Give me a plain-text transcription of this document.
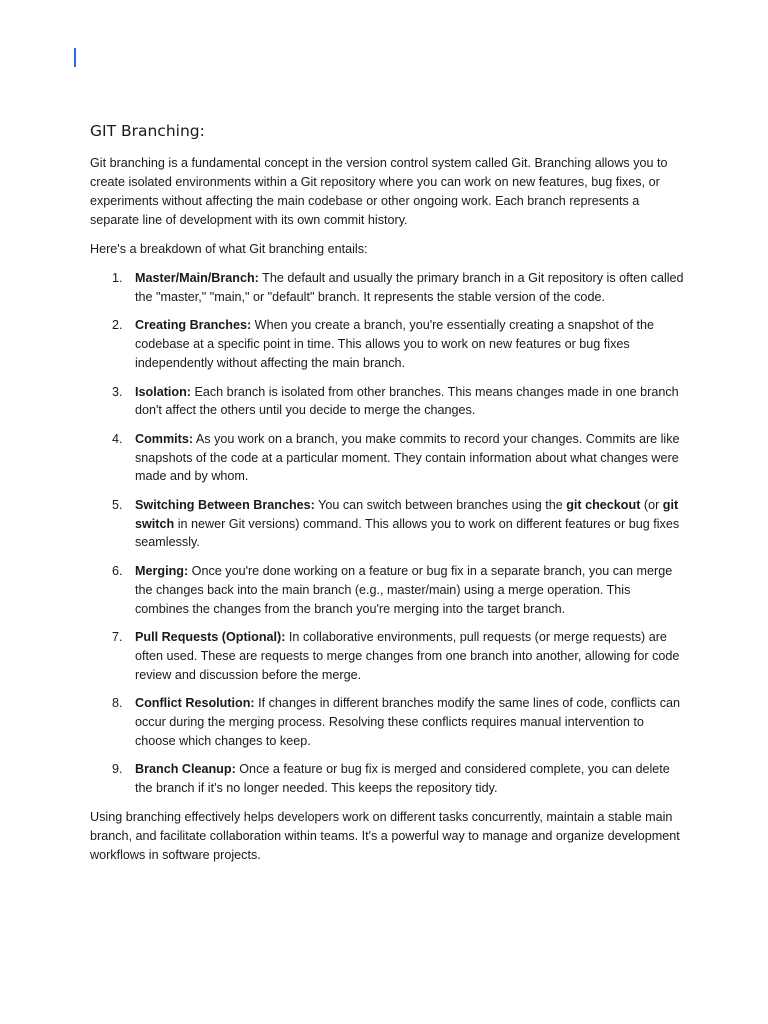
GIT Branching:

Git branching is a fundamental concept in the version control system called Git. Branching allows you to create isolated environments within a Git repository where you can work on new features, bug fixes, or experiments without affecting the main codebase or other ongoing work. Each branch represents a separate line of development with its own commit history.

Here's a breakdown of what Git branching entails:

1. Master/Main/Branch: The default and usually the primary branch in a Git repository is often called the "master," "main," or "default" branch. It represents the stable version of the code.
2. Creating Branches: When you create a branch, you're essentially creating a snapshot of the codebase at a specific point in time. This allows you to work on new features or bug fixes independently without affecting the main branch.
3. Isolation: Each branch is isolated from other branches. This means changes made in one branch don't affect the others until you decide to merge the changes.
4. Commits: As you work on a branch, you make commits to record your changes. Commits are like snapshots of the code at a particular moment. They contain information about what changes were made and by whom.
5. Switching Between Branches: You can switch between branches using the git checkout (or git switch in newer Git versions) command. This allows you to work on different features or bug fixes seamlessly.
6. Merging: Once you're done working on a feature or bug fix in a separate branch, you can merge the changes back into the main branch (e.g., master/main) using a merge operation. This combines the changes from the branch you're merging into the target branch.
7. Pull Requests (Optional): In collaborative environments, pull requests (or merge requests) are often used. These are requests to merge changes from one branch into another, allowing for code review and discussion before the merge.
8. Conflict Resolution: If changes in different branches modify the same lines of code, conflicts can occur during the merging process. Resolving these conflicts requires manual intervention to choose which changes to keep.
9. Branch Cleanup: Once a feature or bug fix is merged and considered complete, you can delete the branch if it's no longer needed. This keeps the repository tidy.

Using branching effectively helps developers work on different tasks concurrently, maintain a stable main branch, and facilitate collaboration within teams. It's a powerful way to manage and organize development workflows in software projects.
